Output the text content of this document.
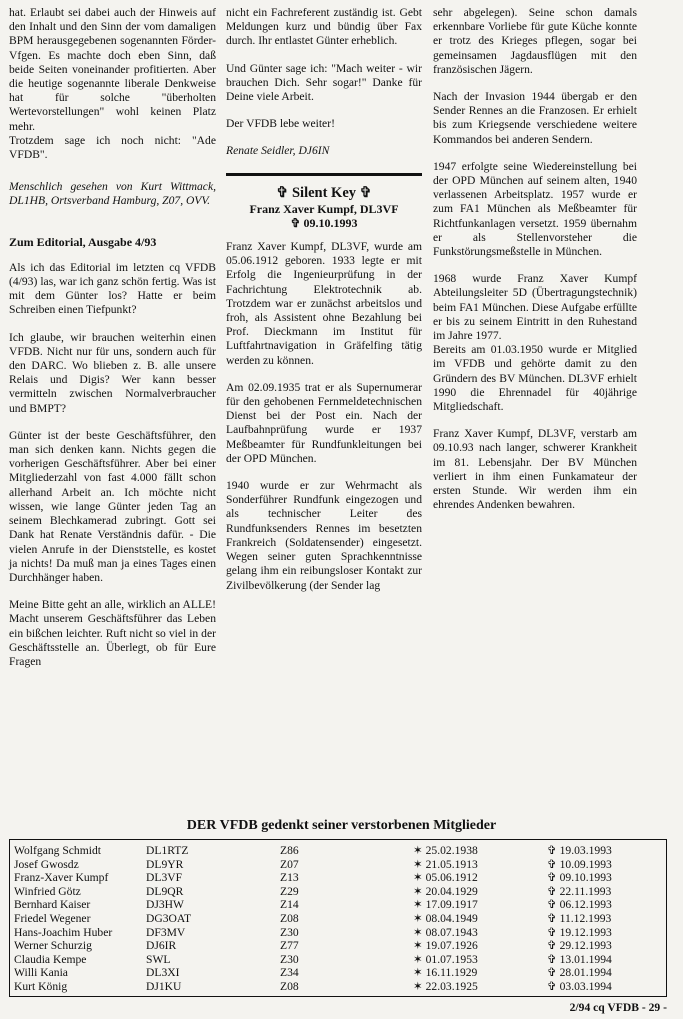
hat. Erlaubt sei dabei auch der Hinweis auf den Inhalt und den Sinn der vom damaligen BPM herausgegebenen sogenannten Förder-Vfgen. Es machte doch eben Sinn, daß beide Seiten voneinander profitierten. Aber die heutige sogenannte liberale Denkweise hat für solche "überholten Wertevorstellungen" wohl keinen Platz mehr.

Trotzdem sage ich noch nicht: "Ade VFDB".

Menschlich gesehen von Kurt Wittmack, DL1HB, Ortsverband Hamburg, Z07, OVV.

Zum Editorial, Ausgabe 4/93

Als ich das Editorial im letzten cq VFDB (4/93) las, war ich ganz schön fertig. Was ist mit dem Günter los? Hatte er beim Schreiben einen Tiefpunkt?

Ich glaube, wir brauchen weiterhin einen VFDB. Nicht nur für uns, sondern auch für den DARC. Wo blieben z. B. alle unsere Relais und Digis? Wer kann besser vermitteln zwischen Normalverbraucher und BMPT?

Günter ist der beste Geschäftsführer, den man sich denken kann. Nichts gegen die vorherigen Geschäftsführer. Aber bei einer Mitgliederzahl von fast 4.000 fällt schon allerhand Arbeit an. Ich möchte nicht wissen, wie lange Günter jeden Tag an seinem Blechkamerad zubringt. Gott sei Dank hat Renate Verständnis dafür. - Die vielen Anrufe in der Dienststelle, es kostet ja nichts! Da muß man ja eines Tages einen Durchhänger haben.

Meine Bitte geht an alle, wirklich an ALLE! Macht unserem Geschäftsführer das Leben ein bißchen leichter. Ruft nicht so viel in der Geschäftsstelle an. Überlegt, ob für Eure Fragen

nicht ein Fachreferent zuständig ist. Gebt Meldungen kurz und bündig über Fax durch. Ihr entlastet Günter erheblich.

Und Günter sage ich: "Mach weiter - wir brauchen Dich. Sehr sogar!" Danke für Deine viele Arbeit.

Der VFDB lebe weiter!

Renate Seidler, DJ6IN

✞ Silent Key ✞
Franz Xaver Kumpf, DL3VF
✞ 09.10.1993

Franz Xaver Kumpf, DL3VF, wurde am 05.06.1912 geboren. 1933 legte er mit Erfolg die Ingenieurprüfung in der Fachrichtung Elektrotechnik ab. Trotzdem war er zunächst arbeitslos und froh, als Assistent ohne Bezahlung bei Prof. Dieckmann im Institut für Luftfahrtnavigation in Gräfelfing tätig werden zu können.

Am 02.09.1935 trat er als Supernumerar für den gehobenen Fernmeldetechnischen Dienst bei der Post ein. Nach der Laufbahnprüfung wurde er 1937 Meßbeamter für Rundfunkleitungen bei der OPD München.

1940 wurde er zur Wehrmacht als Sonderführer Rundfunk eingezogen und als technischer Leiter des Rundfunksenders Rennes im besetzten Frankreich (Soldatensender) eingesetzt. Wegen seiner guten Sprachkenntnisse gelang ihm ein reibungsloser Kontakt zur Zivilbevölkerung (der Sender lag

sehr abgelegen). Seine schon damals erkennbare Vorliebe für gute Küche konnte er trotz des Krieges pflegen, sogar bei gemeinsamen Jagdausflügen mit den französischen Jägern.

Nach der Invasion 1944 übergab er den Sender Rennes an die Franzosen. Er erhielt bis zum Kriegsende verschiedene weitere Kommandos bei anderen Sendern.

1947 erfolgte seine Wiedereinstellung bei der OPD München auf seinem alten, 1940 verlassenen Arbeitsplatz. 1957 wurde er zum FA1 München als Meßbeamter für Richtfunkanlagen versetzt. 1959 übernahm er als Stellenvorsteher die Funkstörungsmeßstelle in München.

1968 wurde Franz Xaver Kumpf Abteilungsleiter 5D (Übertragungstechnik) beim FA1 München. Diese Aufgabe erfüllte er bis zu seinem Eintritt in den Ruhestand im Jahre 1977.

Bereits am 01.03.1950 wurde er Mitglied im VFDB und gehörte damit zu den Gründern des BV München. DL3VF erhielt 1990 die Ehrennadel für 40jährige Mitgliedschaft.

Franz Xaver Kumpf, DL3VF, verstarb am 09.10.93 nach langer, schwerer Krankheit im 81. Lebensjahr. Der BV München verliert in ihm einen Funkamateur der ersten Stunde. Wir werden ihm ein ehrendes Andenken bewahren.

DER VFDB gedenkt seiner verstorbenen Mitglieder
Wolfgang Schmidt	DL1RTZ	Z86	✶ 25.02.1938	✞ 19.03.1993
Josef Gwosdz	DL9YR	Z07	✶ 21.05.1913	✞ 10.09.1993
Franz-Xaver Kumpf	DL3VF	Z13	✶ 05.06.1912	✞ 09.10.1993
Winfried Götz	DL9QR	Z29	✶ 20.04.1929	✞ 22.11.1993
Bernhard Kaiser	DJ3HW	Z14	✶ 17.09.1917	✞ 06.12.1993
Friedel Wegener	DG3OAT	Z08	✶ 08.04.1949	✞ 11.12.1993
Hans-Joachim Huber	DF3MV	Z30	✶ 08.07.1943	✞ 19.12.1993
Werner Schurzig	DJ6IR	Z77	✶ 19.07.1926	✞ 29.12.1993
Claudia Kempe	SWL	Z30	✶ 01.07.1953	✞ 13.01.1994
Willi Kania	DL3XI	Z34	✶ 16.11.1929	✞ 28.01.1994
Kurt König	DJ1KU	Z08	✶ 22.03.1925	✞ 03.03.1994
2/94 cq VFDB - 29 -
